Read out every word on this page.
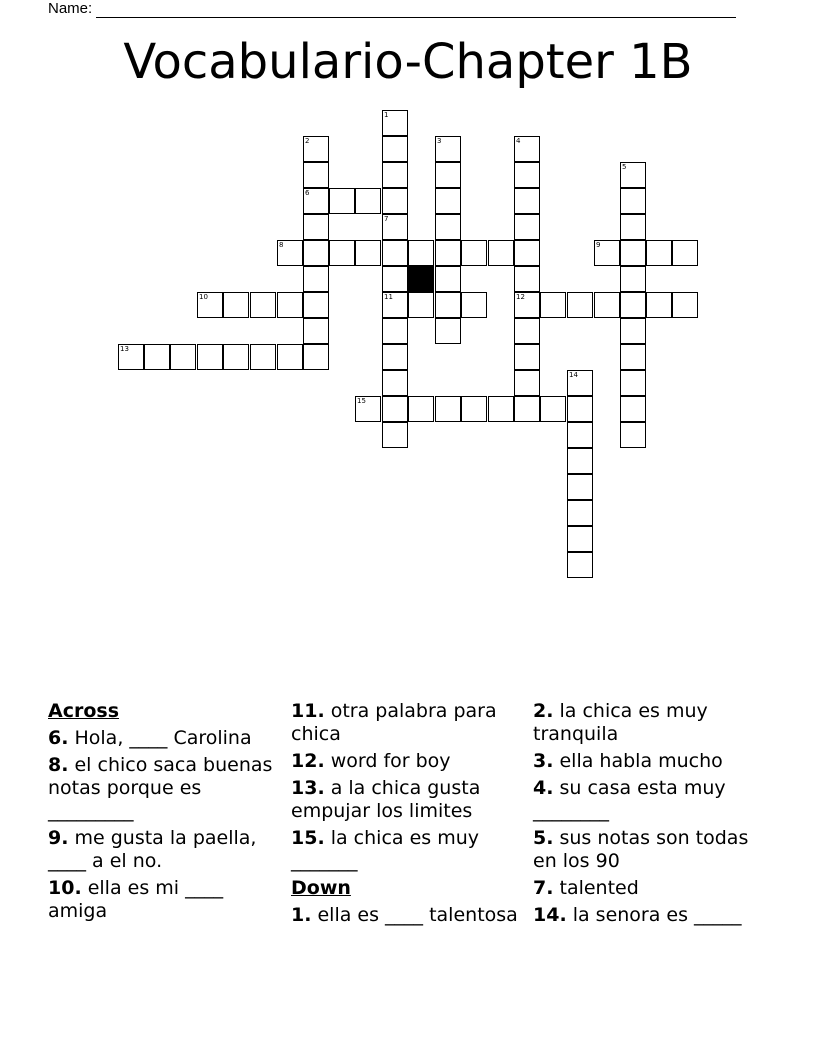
Name:
Vocabulario-Chapter 1B
1
2	3	4
5
6
7
8	9
10	11	12
13
14
15
Across
6. Hola, ____ Carolina
8. el chico saca buenas notas porque es _________
9. me gusta la paella, ____ a el no.
10. ella es mi ____ amiga
11. otra palabra para chica
12. word for boy
13. a la chica gusta empujar los limites
15. la chica es muy _______
Down
1. ella es ____ talentosa
2. la chica es muy tranquila
3. ella habla mucho
4. su casa esta muy ________
5. sus notas son todas en los 90
7. talented
14. la senora es _____
